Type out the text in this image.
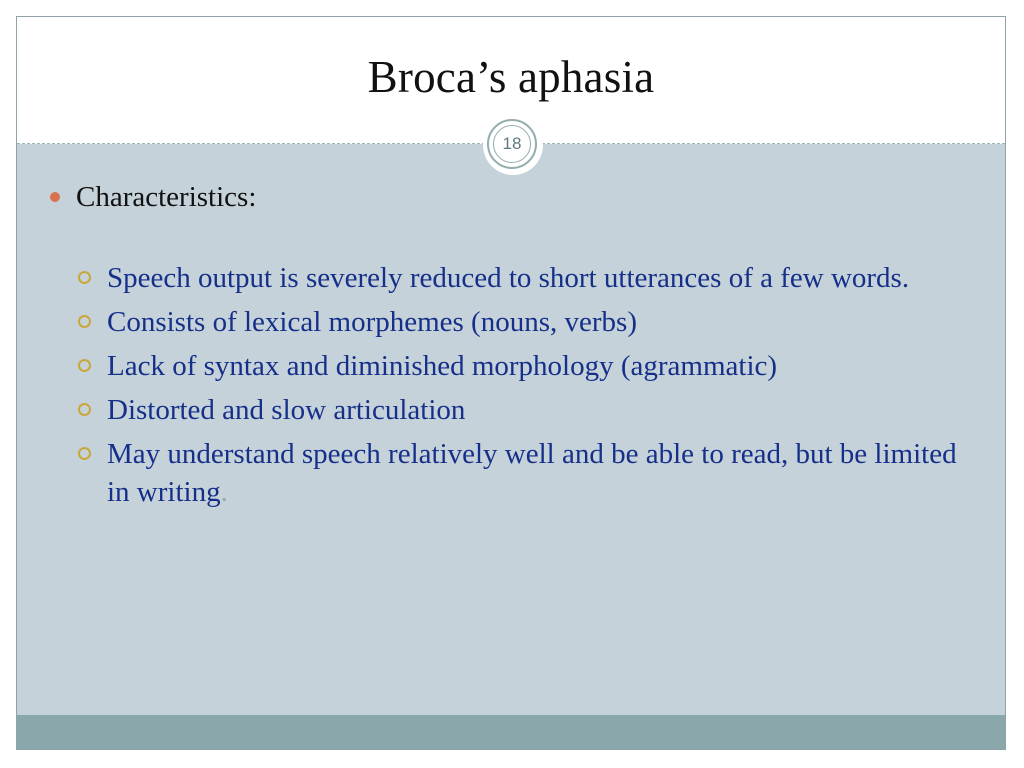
Broca’s aphasia
18
Characteristics:
Speech output is severely reduced to short utterances of a few words.
Consists of lexical morphemes (nouns, verbs)
Lack of syntax and diminished morphology (agrammatic)
Distorted and slow articulation
May understand speech relatively well and be able to read, but be limited in writing.
